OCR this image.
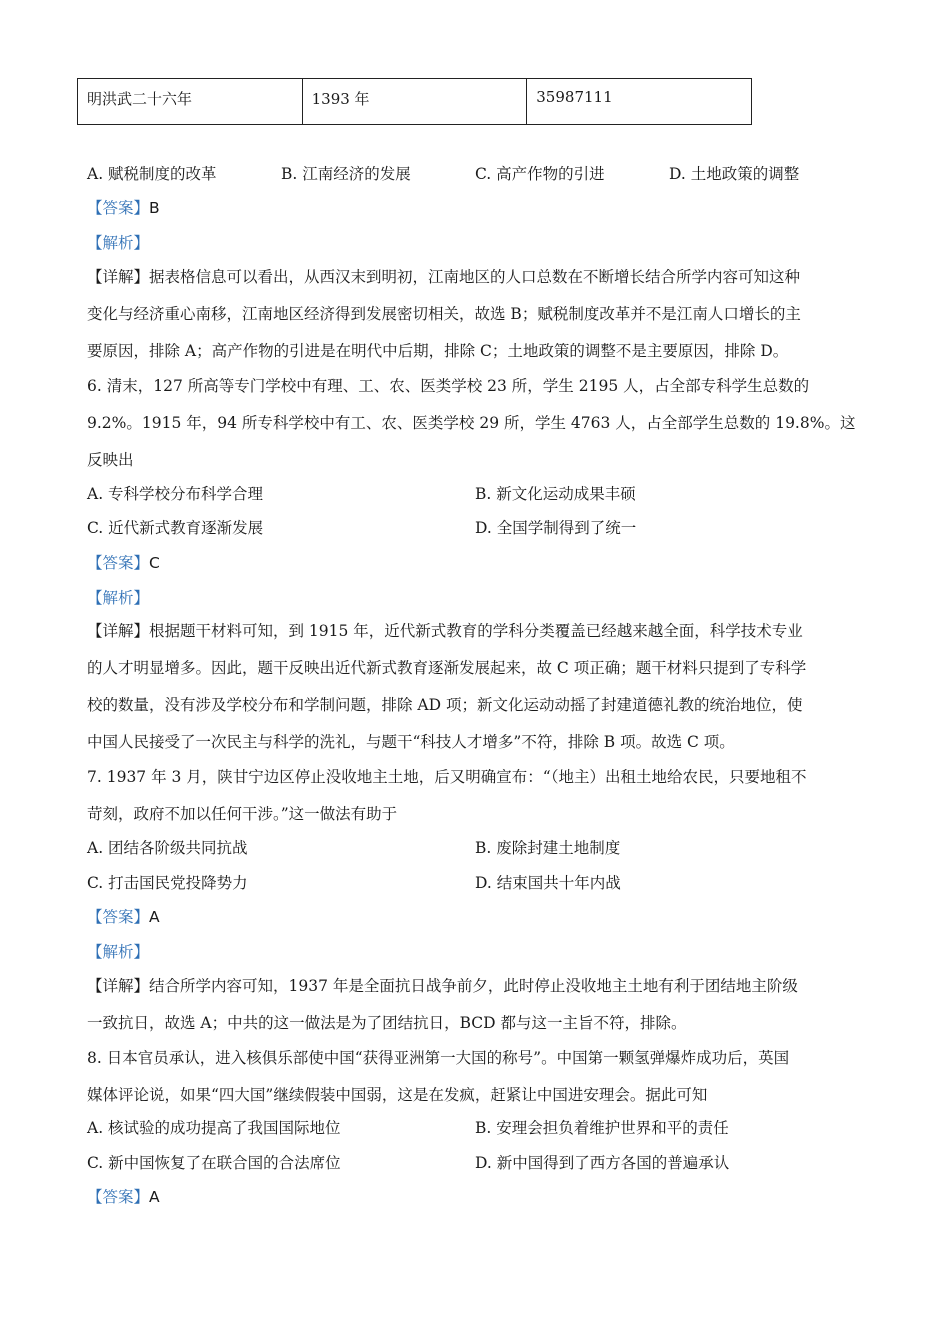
明洪武二十六年	1393 年	35987111
A. 赋税制度的改革	B. 江南经济的发展	C. 高产作物的引进	D. 土地政策的调整
【答案】B
【解析】
【详解】据表格信息可以看出，从西汉末到明初，江南地区的人口总数在不断增长结合所学内容可知这种
变化与经济重心南移，江南地区经济得到发展密切相关，故选 B；赋税制度改革并不是江南人口增长的主
要原因，排除 A；高产作物的引进是在明代中后期，排除 C；土地政策的调整不是主要原因，排除 D。
6. 清末，127 所高等专门学校中有理、工、农、医类学校 23 所，学生 2195 人，占全部专科学生总数的
9.2%。1915 年，94 所专科学校中有工、农、医类学校 29 所，学生 4763 人，占全部学生总数的 19.8%。这
反映出
A. 专科学校分布科学合理	B. 新文化运动成果丰硕
C. 近代新式教育逐渐发展	D. 全国学制得到了统一
【答案】C
【解析】
【详解】根据题干材料可知，到 1915 年，近代新式教育的学科分类覆盖已经越来越全面，科学技术专业
的人才明显增多。因此，题干反映出近代新式教育逐渐发展起来，故 C 项正确；题干材料只提到了专科学
校的数量，没有涉及学校分布和学制问题，排除 AD 项；新文化运动动摇了封建道德礼教的统治地位，使
中国人民接受了一次民主与科学的洗礼，与题干“科技人才增多”不符，排除 B 项。故选 C 项。
7. 1937 年 3 月，陕甘宁边区停止没收地主土地，后又明确宣布：“（地主）出租土地给农民，只要地租不
苛刻，政府不加以任何干涉。”这一做法有助于
A. 团结各阶级共同抗战	B. 废除封建土地制度
C. 打击国民党投降势力	D. 结束国共十年内战
【答案】A
【解析】
【详解】结合所学内容可知，1937 年是全面抗日战争前夕，此时停止没收地主土地有利于团结地主阶级
一致抗日，故选 A；中共的这一做法是为了团结抗日，BCD 都与这一主旨不符，排除。
8. 日本官员承认，进入核俱乐部使中国“获得亚洲第一大国的称号”。中国第一颗氢弹爆炸成功后，英国
媒体评论说，如果“四大国”继续假装中国弱，这是在发疯，赶紧让中国进安理会。据此可知
A. 核试验的成功提高了我国国际地位	B. 安理会担负着维护世界和平的责任
C. 新中国恢复了在联合国的合法席位	D. 新中国得到了西方各国的普遍承认
【答案】A
